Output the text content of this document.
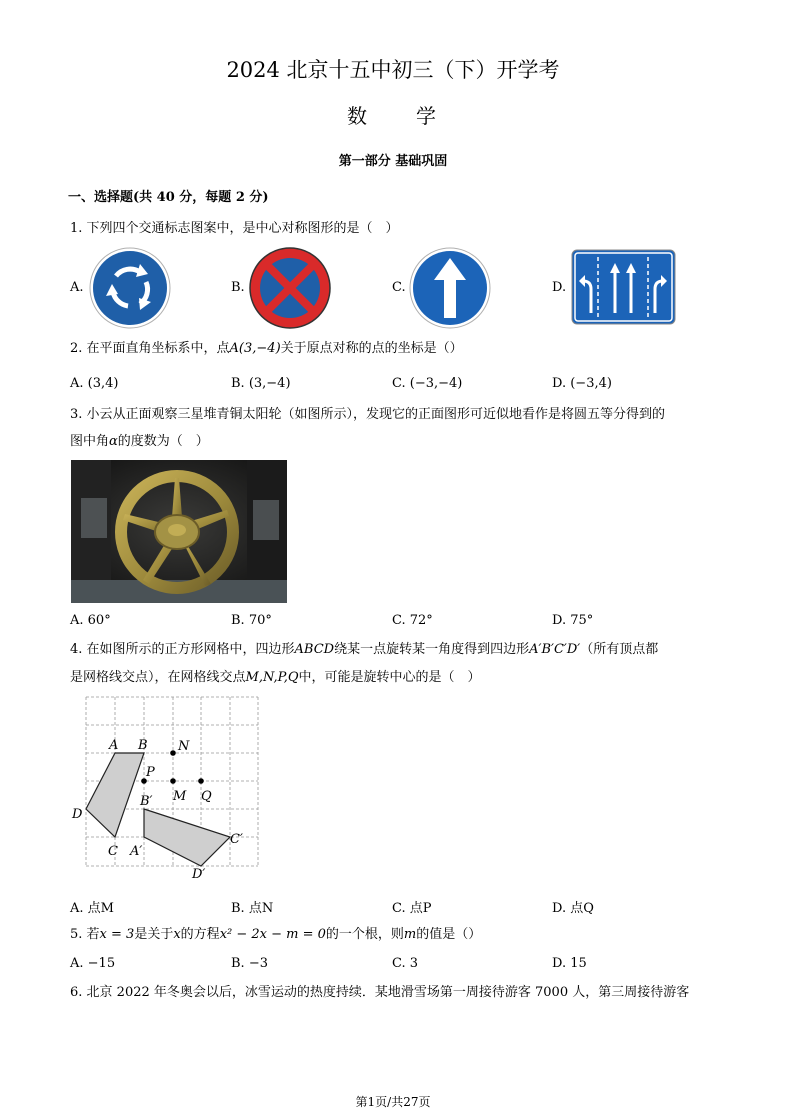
2024 北京十五中初三（下）开学考
数　　学
第一部分 基础巩固
一、选择题(共 40 分，每题 2 分)
1. 下列四个交通标志图案中，是中心对称图形的是（　）
A.	B.	C.	D.
2. 在平面直角坐标系中，点A(3,−4)关于原点对称的点的坐标是（）
A. (3,4)	B. (3,−4)	C. (−3,−4)	D. (−3,4)
3. 小云从正面观察三星堆青铜太阳轮（如图所示），发现它的正面图形可近似地看作是将圆五等分得到的
图中角α的度数为（　）
A. 60°	B. 70°	C. 72°	D. 75°
4. 在如图所示的正方形网格中，四边形ABCD绕某一点旋转某一角度得到四边形A′B′C′D′（所有顶点都
是网格线交点），在网格线交点M,N,P,Q中，可能是旋转中心的是（　）
A B
D
C
N
P
M Q
B′
A′
C′
D′
A. 点M	B. 点N	C. 点P	D. 点Q
5. 若x = 3是关于x的方程x² − 2x − m = 0的一个根，则m的值是（）
A. −15	B. −3	C. 3	D. 15
6. 北京 2022 年冬奥会以后，冰雪运动的热度持续．某地滑雪场第一周接待游客 7000 人，第三周接待游客
第1页/共27页
